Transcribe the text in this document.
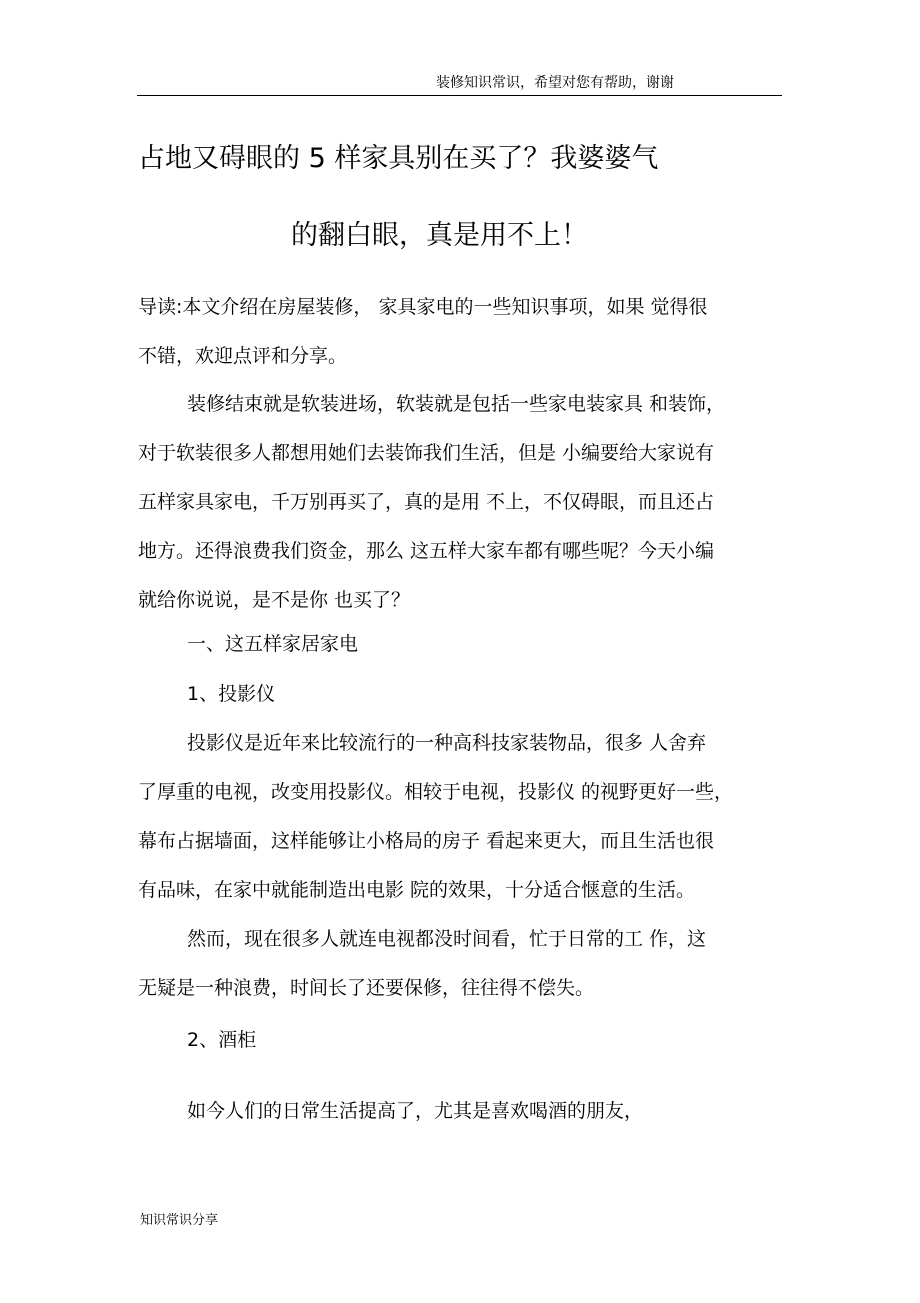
装修知识常识，希望对您有帮助，谢谢
占地又碍眼的 5 样家具别在买了？我婆婆气
的翻白眼，真是用不上！
导读:本文介绍在房屋装修， 家具家电的一些知识事项，如果 觉得很
不错，欢迎点评和分享。
装修结束就是软装进场，软装就是包括一些家电装家具 和装饰，
对于软装很多人都想用她们去装饰我们生活，但是 小编要给大家说有
五样家具家电，千万别再买了，真的是用 不上，不仅碍眼，而且还占
地方。还得浪费我们资金，那么 这五样大家车都有哪些呢？今天小编
就给你说说，是不是你 也买了？
一、这五样家居家电
1、投影仪
投影仪是近年来比较流行的一种高科技家装物品，很多 人舍弃
了厚重的电视，改变用投影仪。相较于电视，投影仪 的视野更好一些，
幕布占据墙面，这样能够让小格局的房子 看起来更大，而且生活也很
有品味，在家中就能制造出电影 院的效果，十分适合惬意的生活。
然而，现在很多人就连电视都没时间看，忙于日常的工 作，这
无疑是一种浪费，时间长了还要保修，往往得不偿失。
2、酒柜
如今人们的日常生活提高了，尤其是喜欢喝酒的朋友，
知识常识分享
